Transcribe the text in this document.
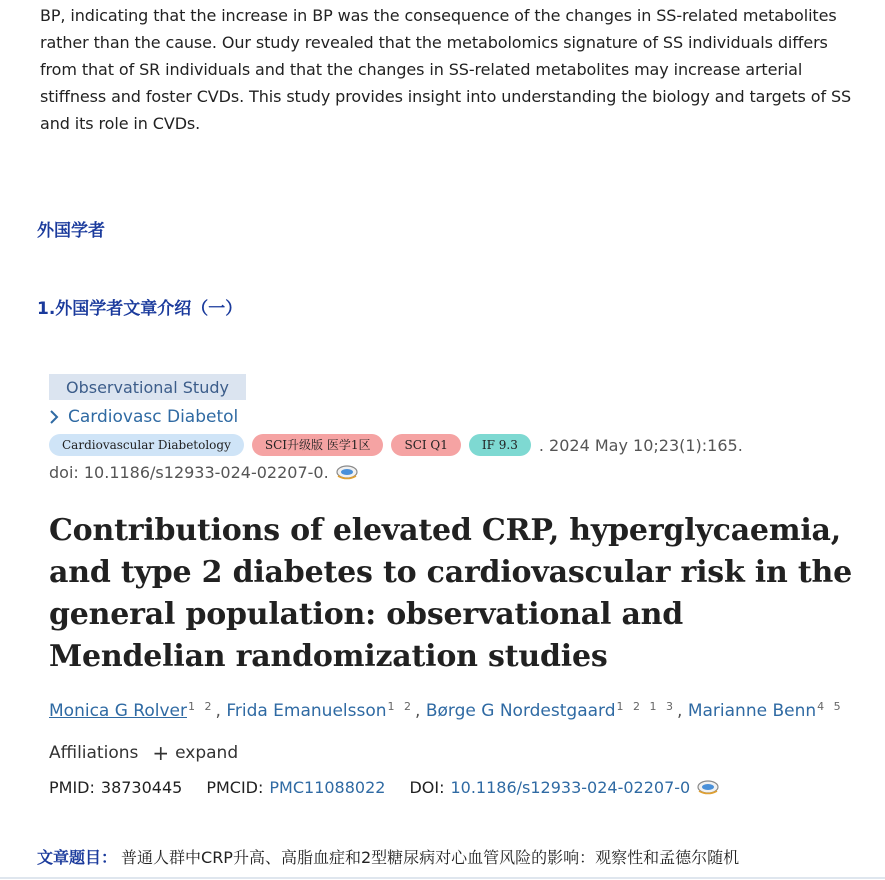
BP, indicating that the increase in BP was the consequence of the changes in SS-related metabolites

rather than the cause. Our study revealed that the metabolomics signature of SS individuals differs

from that of SR individuals and that the changes in SS-related metabolites may increase arterial

stiffness and foster CVDs. This study provides insight into understanding the biology and targets of SS

and its role in CVDs.

外国学者
1.外国学者文章介绍（一）
Observational Study
Cardiovasc Diabetol
Cardiovascular Diabetology	SCI升级版 医学1区	SCI Q1	IF 9.3	. 2024 May 10;23(1):165.
doi: 10.1186/s12933-024-02207-0.
Contributions of elevated CRP, hyperglycaemia, and type 2 diabetes to cardiovascular risk in the general population: observational and Mendelian randomization studies
Monica G Rolver$^{1 2}$, Frida Emanuelsson$^{1 2}$, Børge G Nordestgaard$^{1 2 1 3}$, Marianne Benn$^{4 5}$
Affiliations + expand
PMID: 38730445 PMCID: PMC11088022 DOI: 10.1186/s12933-024-02207-0
文章题目： 普通人群中CRP升高、高脂血症和2型糖尿病对心血管风险的影响：观察性和孟德尔随机
